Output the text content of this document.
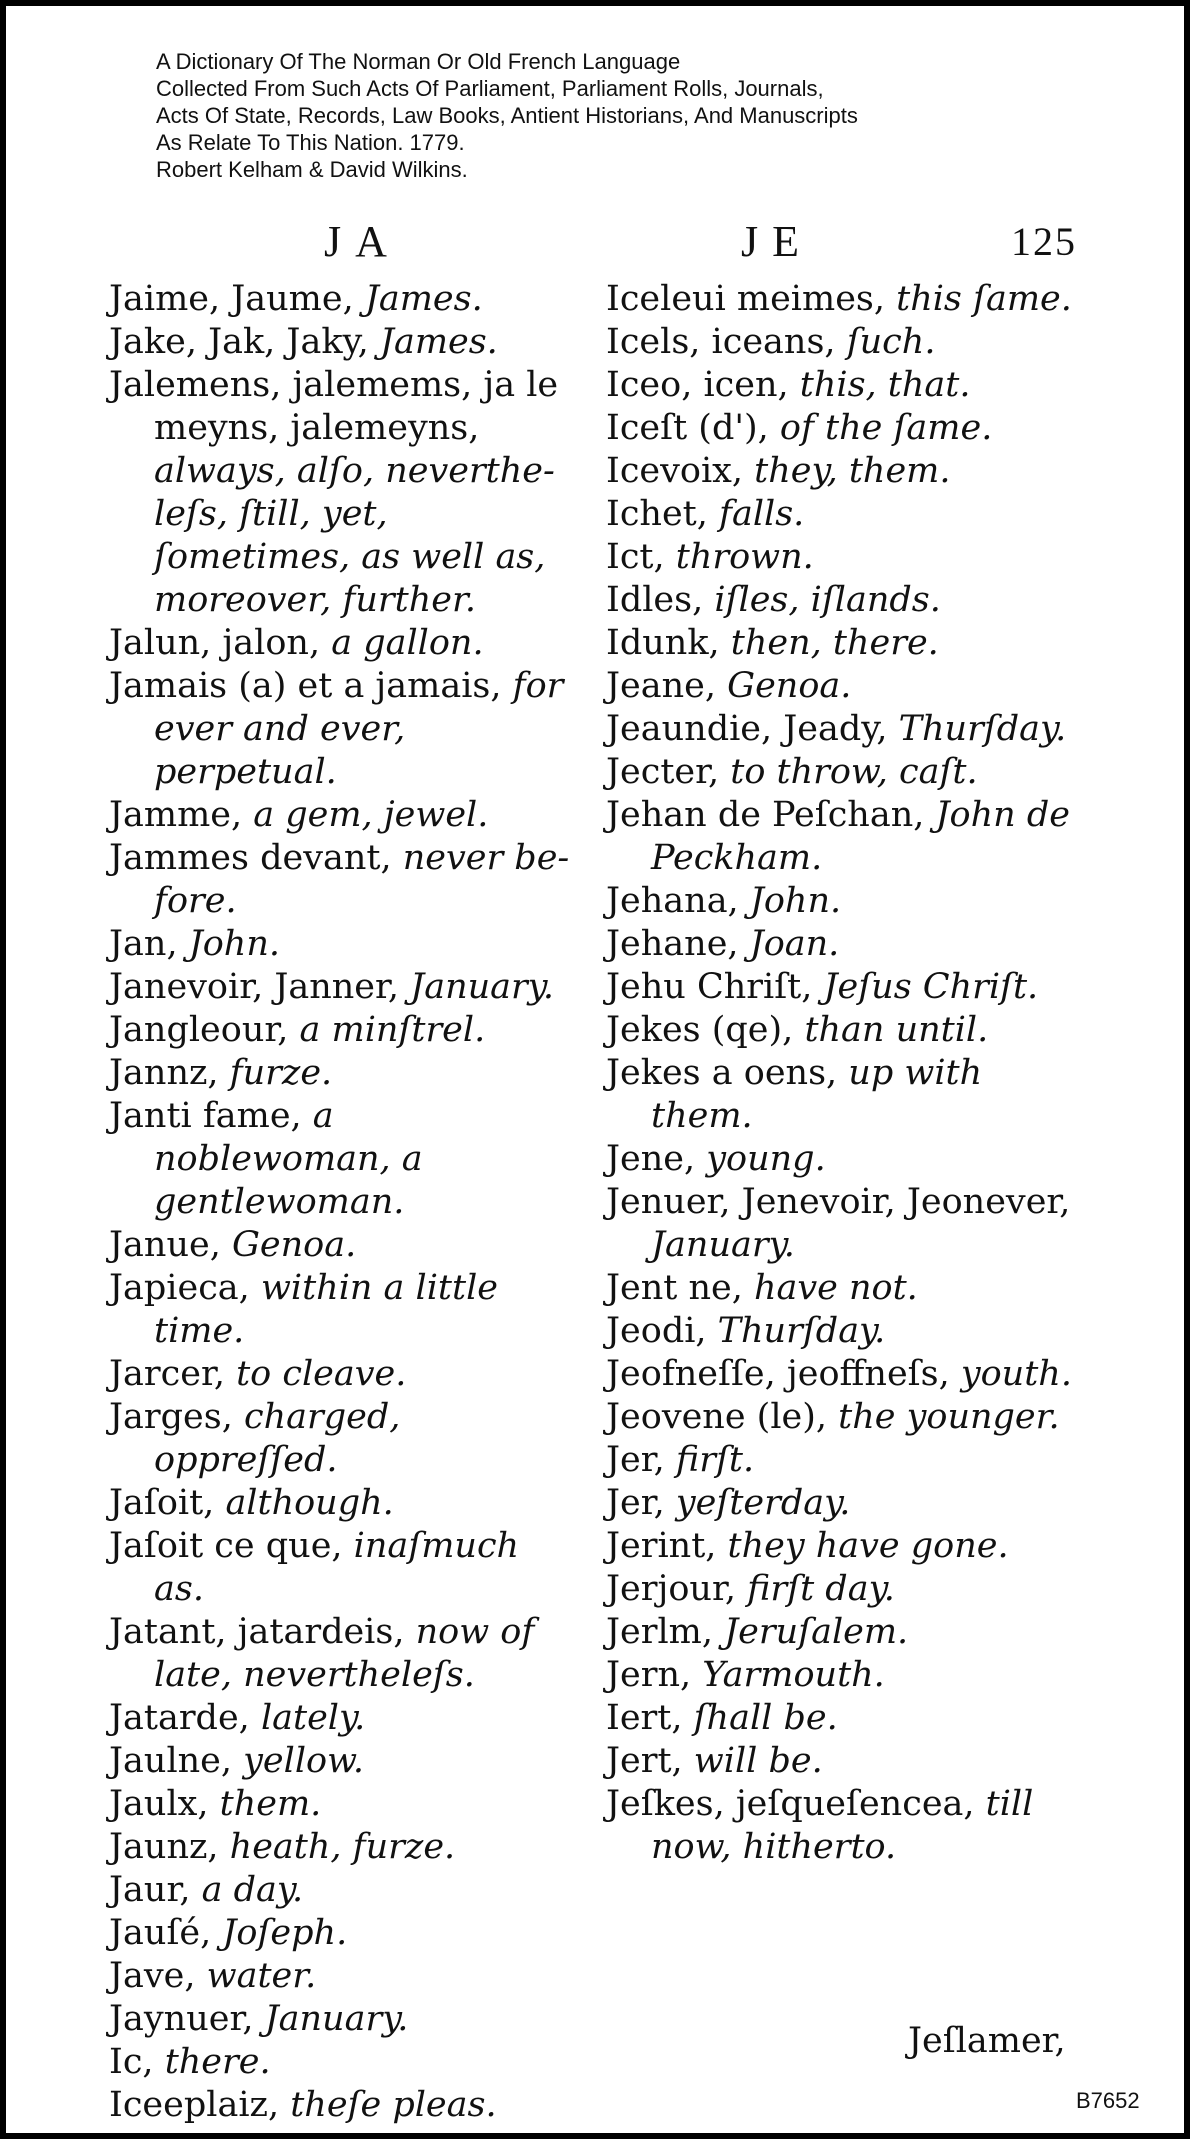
A Dictionary Of The Norman Or Old French Language
Collected From Such Acts Of Parliament, Parliament Rolls, Journals,
Acts Of State, Records, Law Books, Antient Historians, And Manuscripts
As Relate To This Nation. 1779.
Robert Kelham & David Wilkins.
JA	JE	125
Jaime, Jaume, James.
Jake, Jak, Jaky, James.
Jalemens, jalemems, ja le meyns, jalemeyns, always, alſo, nevertheleſs, ſtill, yet, ſometimes, as well as, moreover, further.
Jalun, jalon, a gallon.
Jamais (a) et a jamais, for ever and ever, perpetual.
Jamme, a gem, jewel.
Jammes devant, never before.
Jan, John.
Janevoir, Janner, January.
Jangleour, a minſtrel.
Jannz, furze.
Janti fame, a noblewoman, a gentlewoman.
Janue, Genoa.
Japieca, within a little time.
Jarcer, to cleave.
Jarges, charged, oppreſſed.
Jaſoit, although.
Jaſoit ce que, inaſmuch as.
Jatant, jatardeis, now of late, nevertheleſs.
Jatarde, lately.
Jaulne, yellow.
Jaulx, them.
Jaunz, heath, furze.
Jaur, a day.
Jauſé, Joſeph.
Jave, water.
Jaynuer, January.
Ic, there.
Iceeplaiz, theſe pleas.
Iceleui meimes, this ſame.
Icels, iceans, ſuch.
Iceo, icen, this, that.
Iceſt (d'), of the ſame.
Icevoix, they, them.
Ichet, falls.
Ict, thrown.
Idles, iſles, iſlands.
Idunk, then, there.
Jeane, Genoa.
Jeaundie, Jeady, Thurſday.
Jecter, to throw, caſt.
Jehan de Peſchan, John de Peckham.
Jehana, John.
Jehane, Joan.
Jehu Chriſt, Jeſus Chriſt.
Jekes (qe), than until.
Jekes a oens, up with them.
Jene, young.
Jenuer, Jenevoir, Jeonever, January.
Jent ne, have not.
Jeodi, Thurſday.
Jeofneſſe, jeoffneſs, youth.
Jeovene (le), the younger.
Jer, firſt.
Jer, yeſterday.
Jerint, they have gone.
Jerjour, firſt day.
Jerlm, Jeruſalem.
Jern, Yarmouth.
Iert, ſhall be.
Jert, will be.
Jeſkes, jeſqueſencea, till now, hitherto.
Jeſlamer,
B7652
